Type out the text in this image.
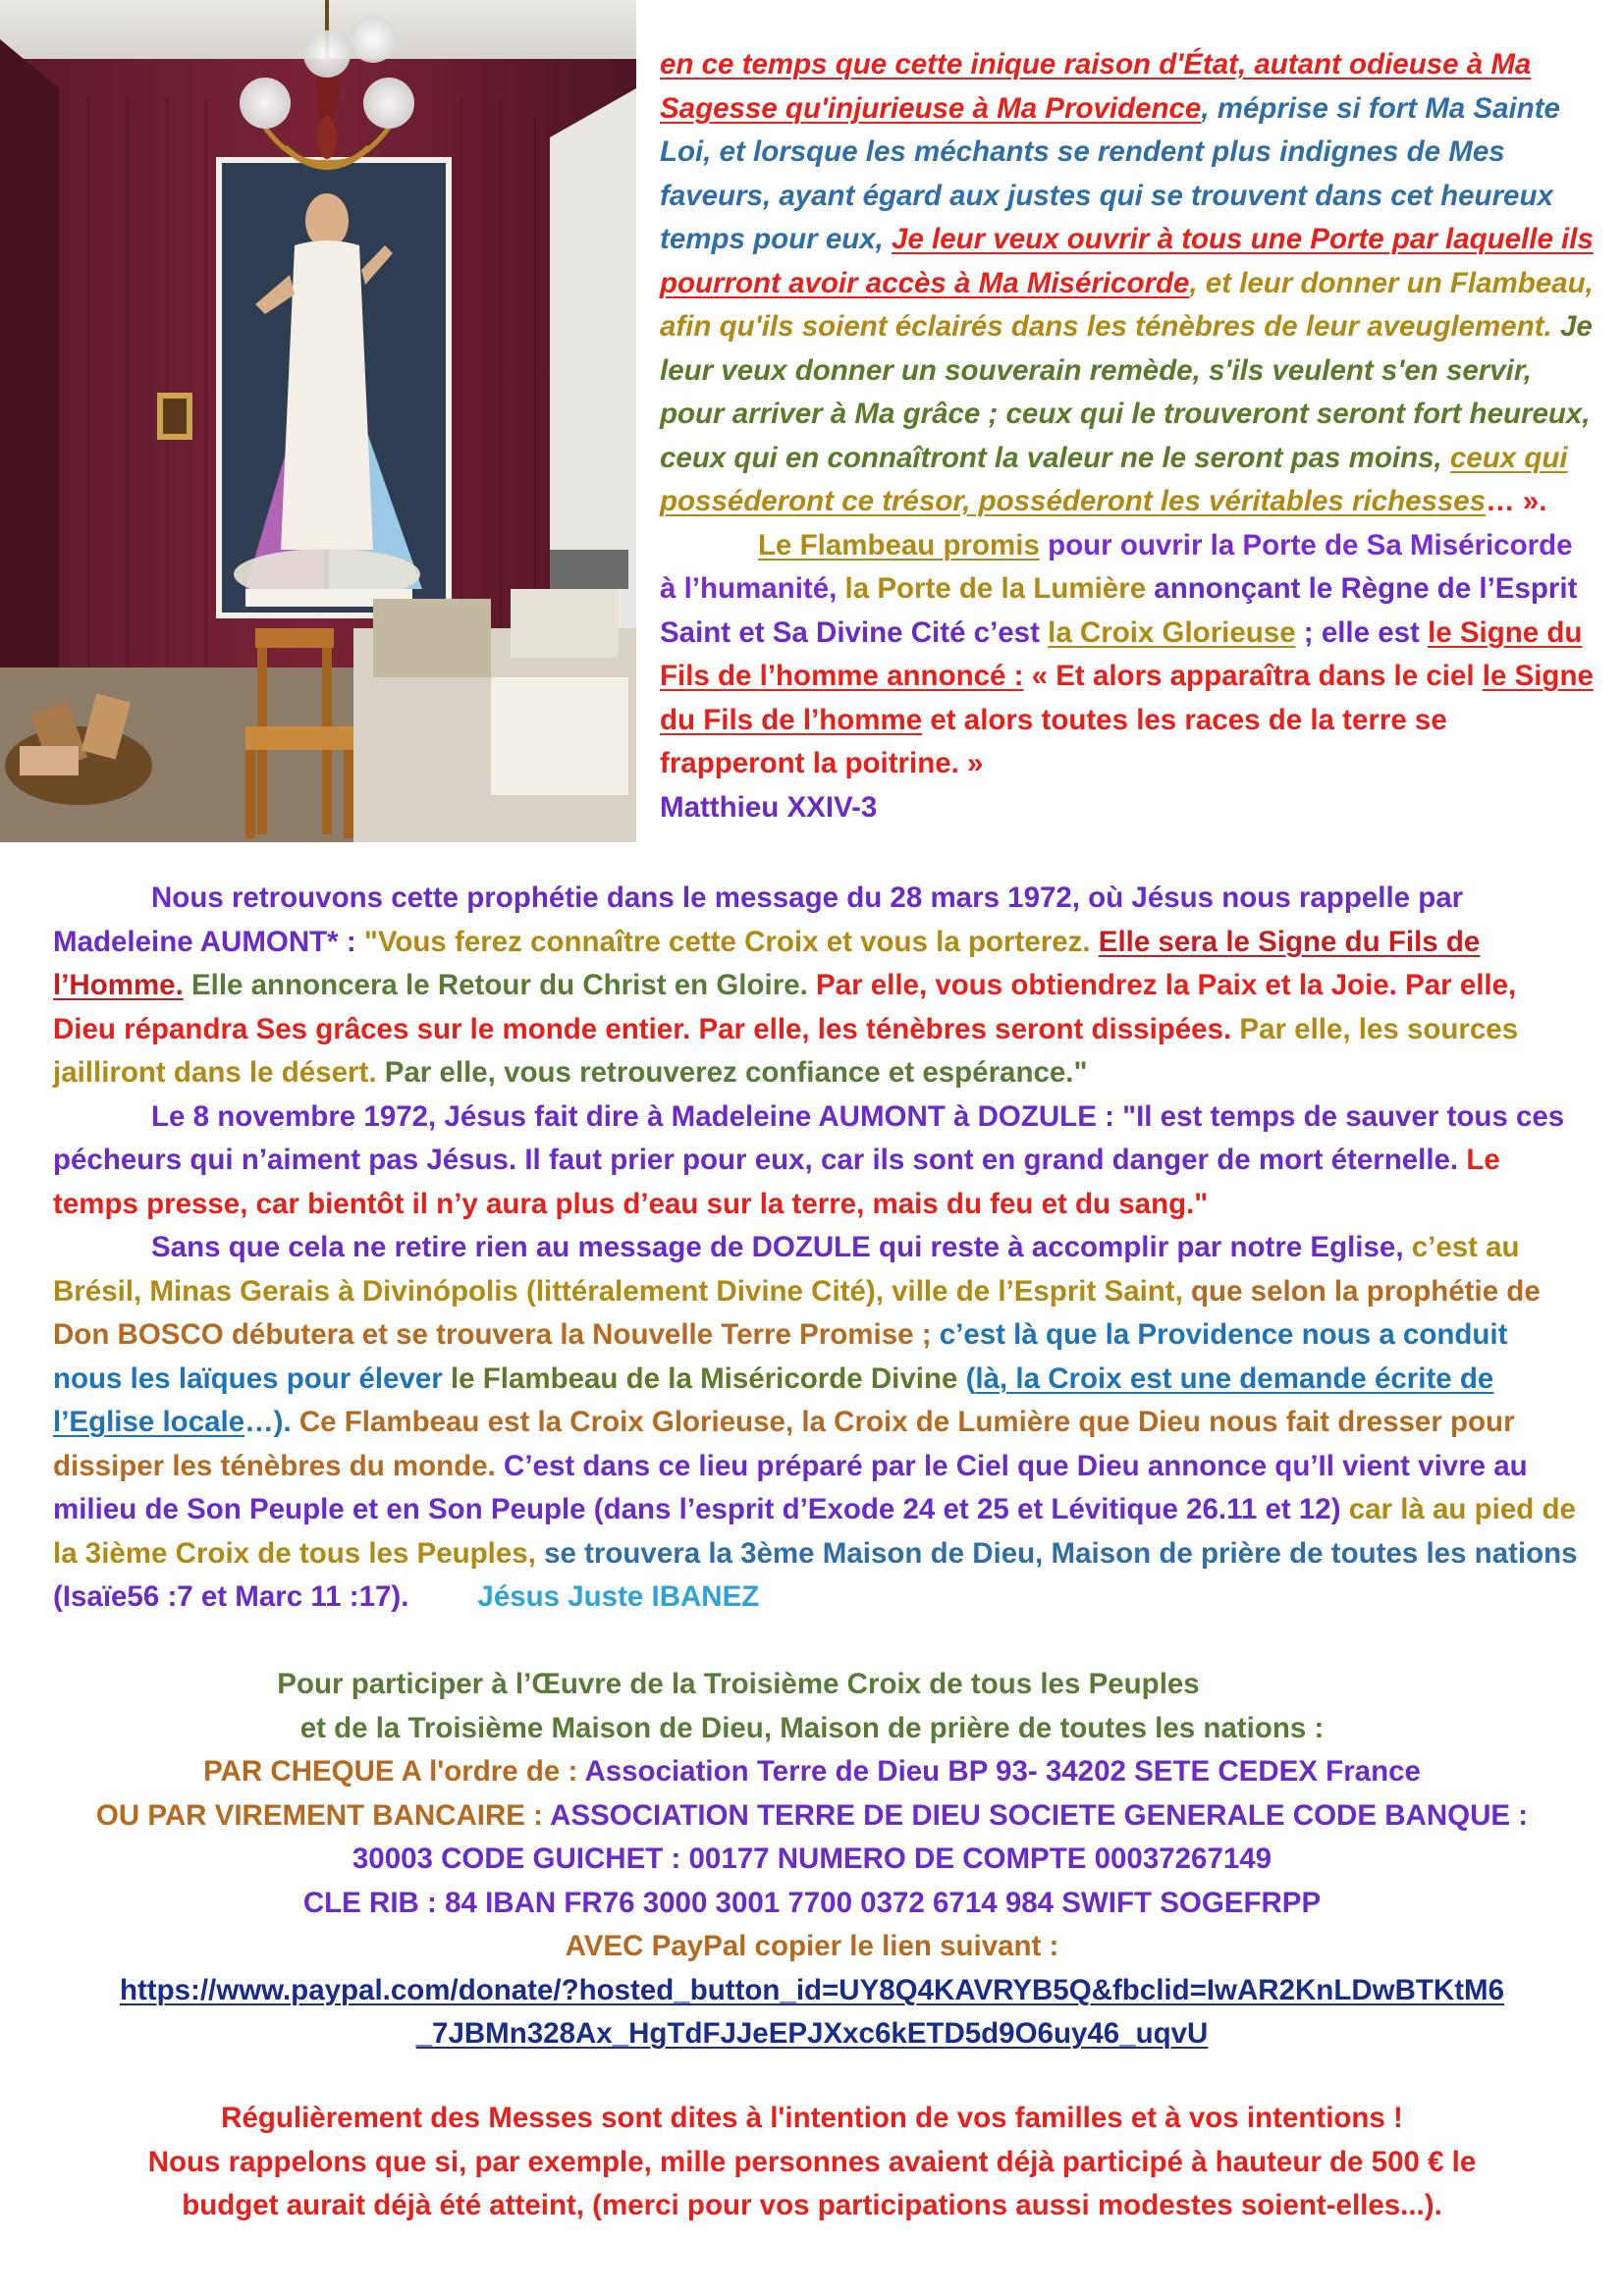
en ce temps que cette inique raison d'État, autant odieuse à Ma Sagesse qu'injurieuse à Ma Providence, méprise si fort Ma Sainte Loi, et lorsque les méchants se rendent plus indignes de Mes faveurs, ayant égard aux justes qui se trouvent dans cet heureux temps pour eux, Je leur veux ouvrir à tous une Porte par laquelle ils pourront avoir accès à Ma Miséricorde, et leur donner un Flambeau, afin qu'ils soient éclairés dans les ténèbres de leur aveuglement. Je leur veux donner un souverain remède, s'ils veulent s'en servir, pour arriver à Ma grâce ; ceux qui le trouveront seront fort heureux, ceux qui en connaîtront la valeur ne le seront pas moins, ceux qui posséderont ce trésor, posséderont les véritables richesses… ».

Le Flambeau promis pour ouvrir la Porte de Sa Miséricorde à l’humanité, la Porte de la Lumière annonçant le Règne de l’Esprit Saint et Sa Divine Cité c’est la Croix Glorieuse ; elle est le Signe du Fils de l’homme annoncé : « Et alors apparaîtra dans le ciel le Signe du Fils de l’homme et alors toutes les races de la terre se frapperont la poitrine. »
Matthieu XXIV-3

Nous retrouvons cette prophétie dans le message du 28 mars 1972, où Jésus nous rappelle par Madeleine AUMONT* : "Vous ferez connaître cette Croix et vous la porterez. Elle sera le Signe du Fils de l’Homme. Elle annoncera le Retour du Christ en Gloire. Par elle, vous obtiendrez la Paix et la Joie. Par elle, Dieu répandra Ses grâces sur le monde entier. Par elle, les ténèbres seront dissipées. Par elle, les sources jailliront dans le désert. Par elle, vous retrouverez confiance et espérance."

Le 8 novembre 1972, Jésus fait dire à Madeleine AUMONT à DOZULE : "Il est temps de sauver tous ces pécheurs qui n’aiment pas Jésus. Il faut prier pour eux, car ils sont en grand danger de mort éternelle. Le temps presse, car bientôt il n’y aura plus d’eau sur la terre, mais du feu et du sang."

Sans que cela ne retire rien au message de DOZULE qui reste à accomplir par notre Eglise, c’est au Brésil, Minas Gerais à Divinópolis (littéralement Divine Cité), ville de l’Esprit Saint, que selon la prophétie de Don BOSCO débutera et se trouvera la Nouvelle Terre Promise ; c’est là que la Providence nous a conduit nous les laïques pour élever le Flambeau de la Miséricorde Divine (là, la Croix est une demande écrite de l’Eglise locale…). Ce Flambeau est la Croix Glorieuse, la Croix de Lumière que Dieu nous fait dresser pour dissiper les ténèbres du monde. C’est dans ce lieu préparé par le Ciel que Dieu annonce qu’Il vient vivre au milieu de Son Peuple et en Son Peuple (dans l’esprit d’Exode 24 et 25 et Lévitique 26.11 et 12) car là au pied de la 3ième Croix de tous les Peuples, se trouvera la 3ème Maison de Dieu, Maison de prière de toutes les nations (Isaïe56 :7 et Marc 11 :17). Jésus Juste IBANEZ

Pour participer à l’Œuvre de la Troisième Croix de tous les Peuples

et de la Troisième Maison de Dieu, Maison de prière de toutes les nations :

PAR CHEQUE A l'ordre de : Association Terre de Dieu BP 93- 34202 SETE CEDEX France

OU PAR VIREMENT BANCAIRE : ASSOCIATION TERRE DE DIEU SOCIETE GENERALE CODE BANQUE :

30003 CODE GUICHET : 00177 NUMERO DE COMPTE 00037267149

CLE RIB : 84 IBAN FR76 3000 3001 7700 0372 6714 984 SWIFT SOGEFRPP

AVEC PayPal copier le lien suivant :

https://www.paypal.com/donate/?hosted_button_id=UY8Q4KAVRYB5Q&fbclid=IwAR2KnLDwBTKtM6

_7JBMn328Ax_HgTdFJJeEPJXxc6kETD5d9O6uy46_uqvU

Régulièrement des Messes sont dites à l'intention de vos familles et à vos intentions !

Nous rappelons que si, par exemple, mille personnes avaient déjà participé à hauteur de 500 € le

budget aurait déjà été atteint, (merci pour vos participations aussi modestes soient-elles...).
